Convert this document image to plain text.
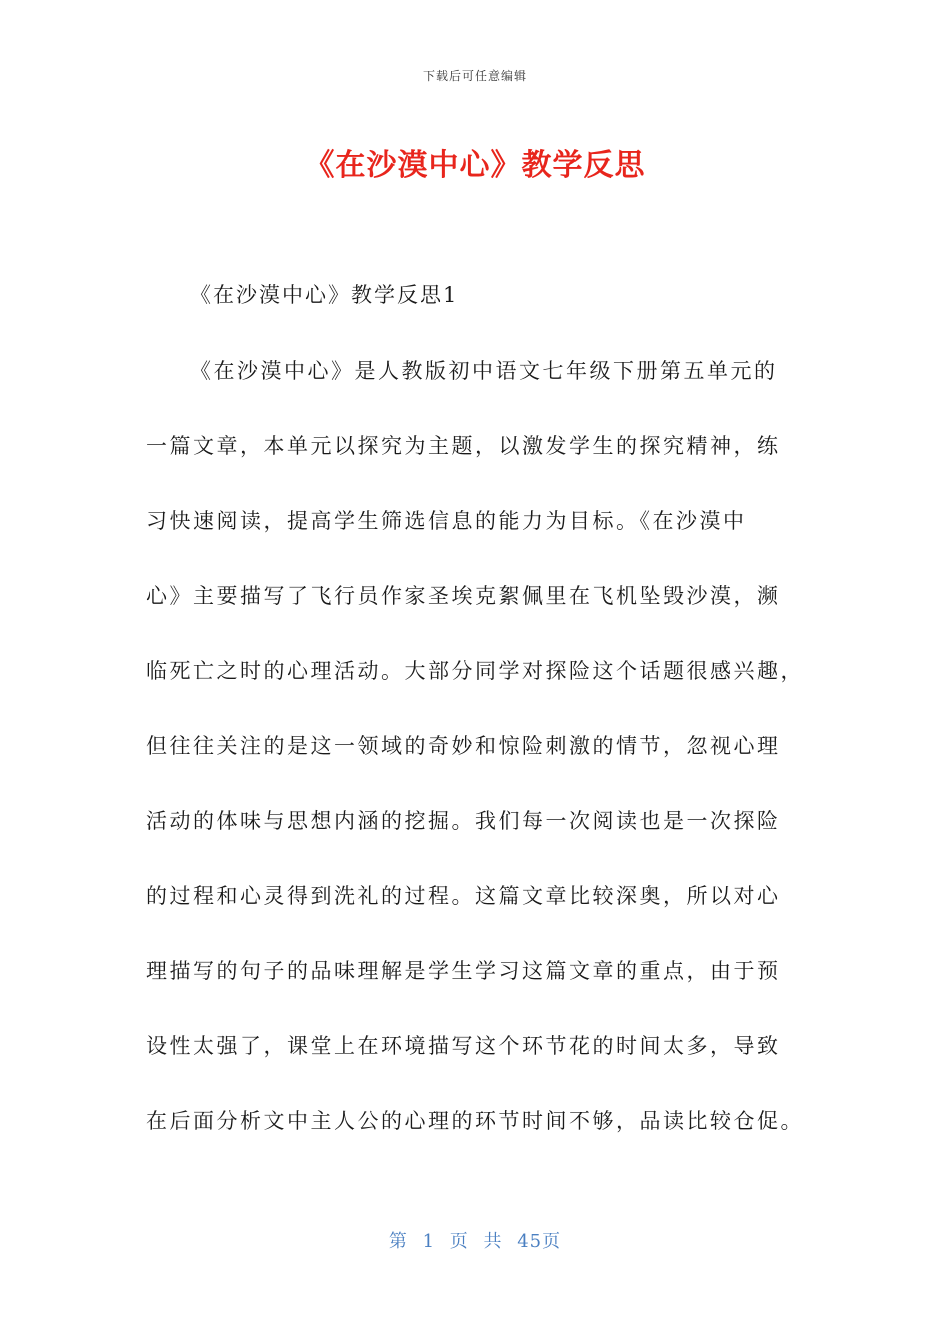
下载后可任意编辑
《在沙漠中心》教学反思
《在沙漠中心》教学反思1
《在沙漠中心》是人教版初中语文七年级下册第五单元的
一篇文章，本单元以探究为主题，以激发学生的探究精神，练
习快速阅读，提高学生筛选信息的能力为目标。《在沙漠中
心》主要描写了飞行员作家圣埃克絮佩里在飞机坠毁沙漠，濒
临死亡之时的心理活动。大部分同学对探险这个话题很感兴趣，
但往往关注的是这一领域的奇妙和惊险刺激的情节，忽视心理
活动的体味与思想内涵的挖掘。我们每一次阅读也是一次探险
的过程和心灵得到洗礼的过程。这篇文章比较深奥，所以对心
理描写的句子的品味理解是学生学习这篇文章的重点，由于预
设性太强了，课堂上在环境描写这个环节花的时间太多，导致
在后面分析文中主人公的心理的环节时间不够，品读比较仓促。
第 1 页 共 45页
